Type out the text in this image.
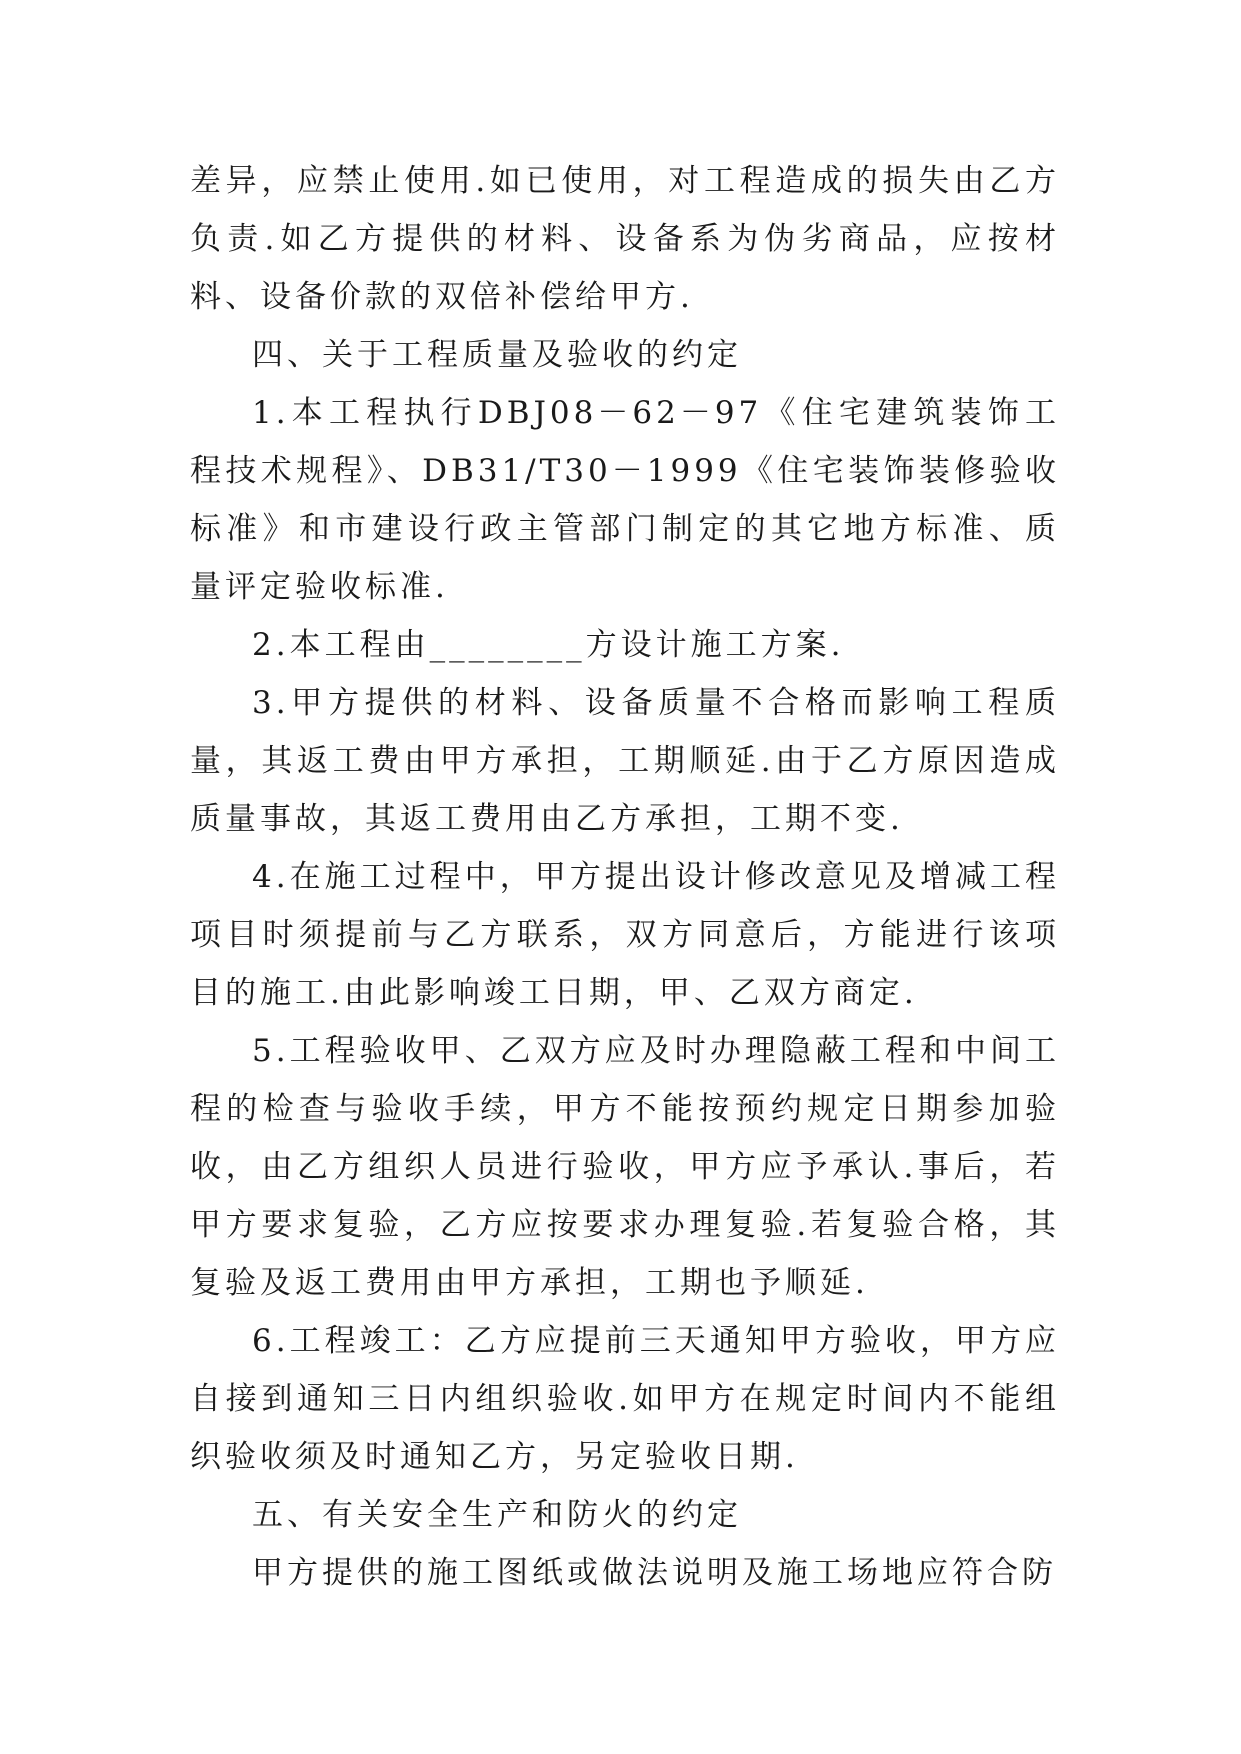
差异，应禁止使用.如已使用，对工程造成的损失由乙方负责.如乙方提供的材料、设备系为伪劣商品，应按材料、设备价款的双倍补偿给甲方.

四、关于工程质量及验收的约定

1.本工程执行DBJ08－62－97《住宅建筑装饰工程技术规程》、DB31/T30－1999《住宅装饰装修验收标准》和市建设行政主管部门制定的其它地方标准、质量评定验收标准.

2.本工程由________方设计施工方案.

3.甲方提供的材料、设备质量不合格而影响工程质量，其返工费由甲方承担，工期顺延.由于乙方原因造成质量事故，其返工费用由乙方承担，工期不变.

4.在施工过程中，甲方提出设计修改意见及增减工程项目时须提前与乙方联系，双方同意后，方能进行该项目的施工.由此影响竣工日期，甲、乙双方商定.

5.工程验收甲、乙双方应及时办理隐蔽工程和中间工程的检查与验收手续，甲方不能按预约规定日期参加验收，由乙方组织人员进行验收，甲方应予承认.事后，若甲方要求复验，乙方应按要求办理复验.若复验合格，其复验及返工费用由甲方承担，工期也予顺延.

6.工程竣工：乙方应提前三天通知甲方验收，甲方应自接到通知三日内组织验收.如甲方在规定时间内不能组织验收须及时通知乙方，另定验收日期.

五、有关安全生产和防火的约定

甲方提供的施工图纸或做法说明及施工场地应符合防
